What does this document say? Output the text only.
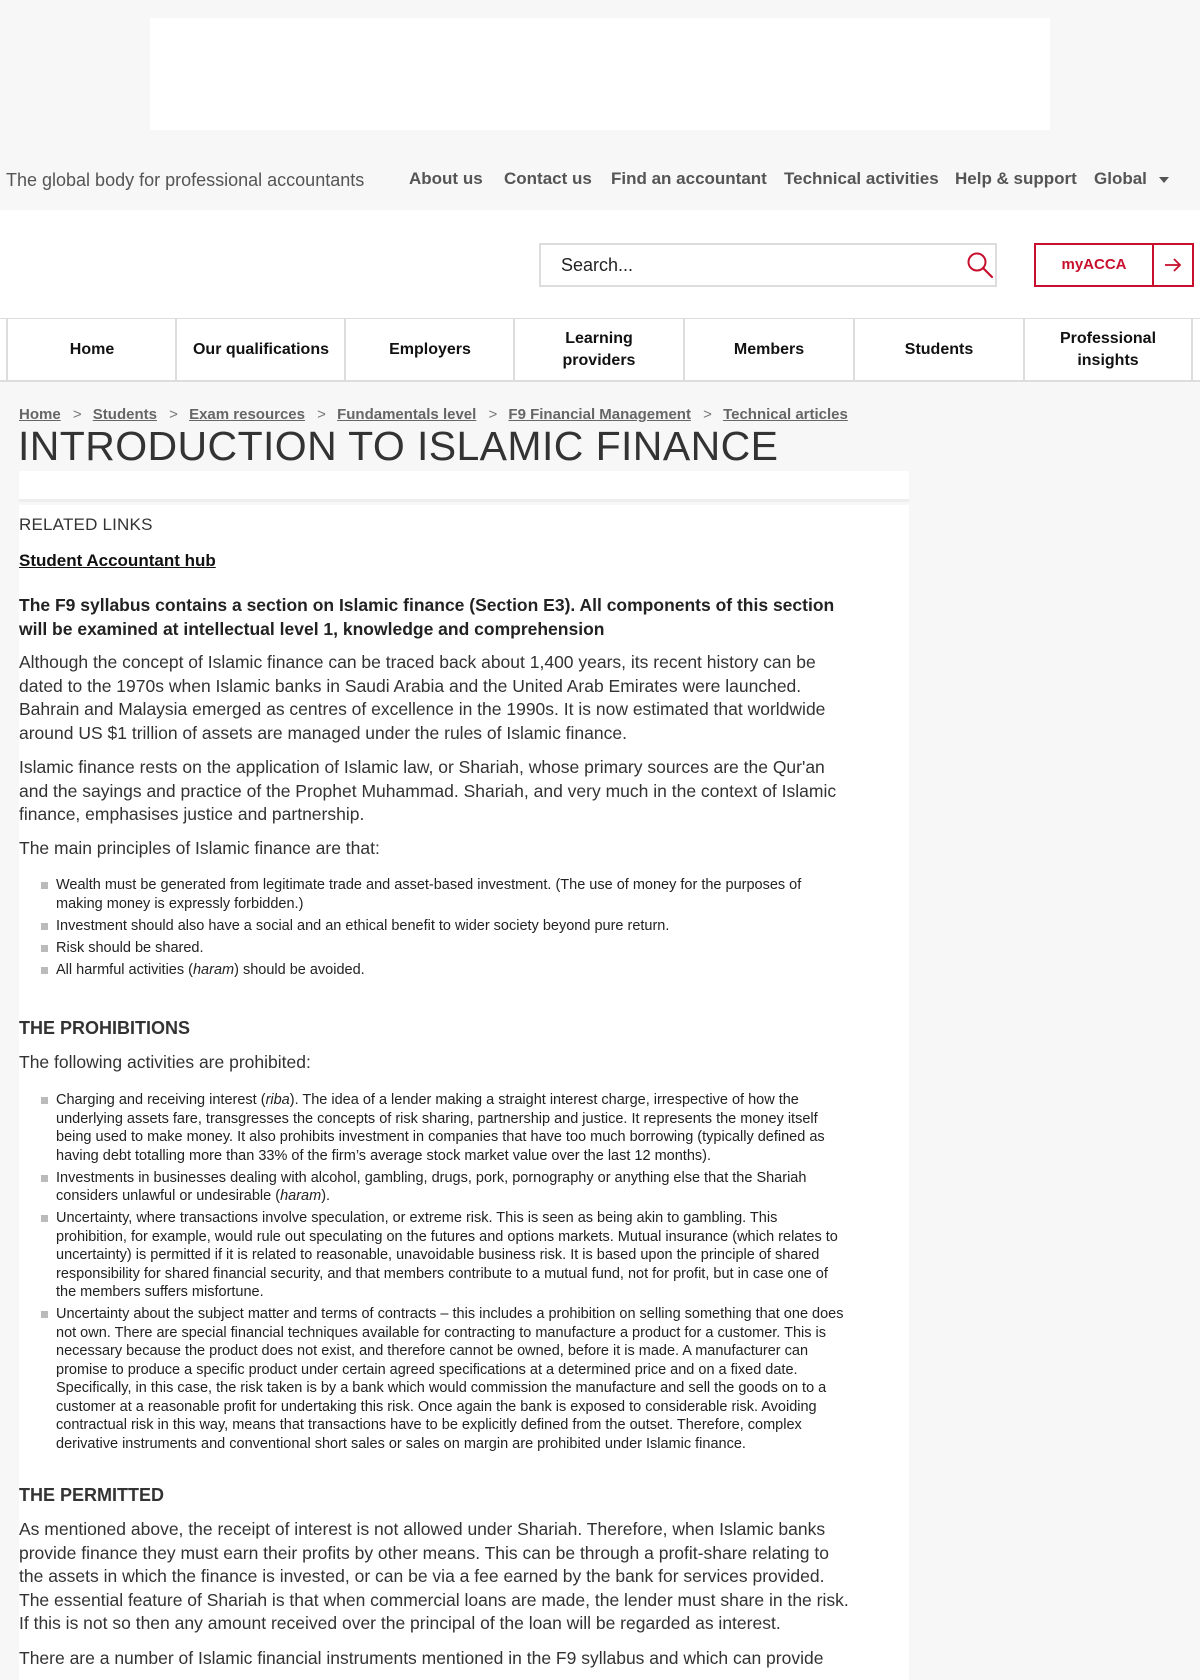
The global body for professional accountants	About us Contact us Find an accountant Technical activities Help & support Global
Search...
myACCA
Home	Our qualifications	Employers
Learning
providers
Members	Students
Professional
insights
Home > Students > Exam resources > Fundamentals level > F9 Financial Management > Technical articles
INTRODUCTION TO ISLAMIC FINANCE
RELATED LINKS
Student Accountant hub

The F9 syllabus contains a section on Islamic finance (Section E3). All components of this section will be examined at intellectual level 1, knowledge and comprehension

Although the concept of Islamic finance can be traced back about 1,400 years, its recent history can be dated to the 1970s when Islamic banks in Saudi Arabia and the United Arab Emirates were launched. Bahrain and Malaysia emerged as centres of excellence in the 1990s. It is now estimated that worldwide around US $1 trillion of assets are managed under the rules of Islamic finance.

Islamic finance rests on the application of Islamic law, or Shariah, whose primary sources are the Qur'an and the sayings and practice of the Prophet Muhammad. Shariah, and very much in the context of Islamic finance, emphasises justice and partnership.

The main principles of Islamic finance are that:

Wealth must be generated from legitimate trade and asset-based investment. (The use of money for the purposes of making money is expressly forbidden.)
Investment should also have a social and an ethical benefit to wider society beyond pure return.
Risk should be shared.
All harmful activities (haram) should be avoided.
THE PROHIBITIONS

The following activities are prohibited:

Charging and receiving interest (riba). The idea of a lender making a straight interest charge, irrespective of how the underlying assets fare, transgresses the concepts of risk sharing, partnership and justice. It represents the money itself being used to make money. It also prohibits investment in companies that have too much borrowing (typically defined as having debt totalling more than 33% of the firm’s average stock market value over the last 12 months).
Investments in businesses dealing with alcohol, gambling, drugs, pork, pornography or anything else that the Shariah considers unlawful or undesirable (haram).
Uncertainty, where transactions involve speculation, or extreme risk. This is seen as being akin to gambling. This prohibition, for example, would rule out speculating on the futures and options markets. Mutual insurance (which relates to uncertainty) is permitted if it is related to reasonable, unavoidable business risk. It is based upon the principle of shared responsibility for shared financial security, and that members contribute to a mutual fund, not for profit, but in case one of the members suffers misfortune.
Uncertainty about the subject matter and terms of contracts – this includes a prohibition on selling something that one does not own. There are special financial techniques available for contracting to manufacture a product for a customer. This is necessary because the product does not exist, and therefore cannot be owned, before it is made. A manufacturer can promise to produce a specific product under certain agreed specifications at a determined price and on a fixed date. Specifically, in this case, the risk taken is by a bank which would commission the manufacture and sell the goods on to a customer at a reasonable profit for undertaking this risk. Once again the bank is exposed to considerable risk. Avoiding contractual risk in this way, means that transactions have to be explicitly defined from the outset. Therefore, complex derivative instruments and conventional short sales or sales on margin are prohibited under Islamic finance.
THE PERMITTED

As mentioned above, the receipt of interest is not allowed under Shariah. Therefore, when Islamic banks provide finance they must earn their profits by other means. This can be through a profit-share relating to the assets in which the finance is invested, or can be via a fee earned by the bank for services provided. The essential feature of Shariah is that when commercial loans are made, the lender must share in the risk. If this is not so then any amount received over the principal of the loan will be regarded as interest.

There are a number of Islamic financial instruments mentioned in the F9 syllabus and which can provide
